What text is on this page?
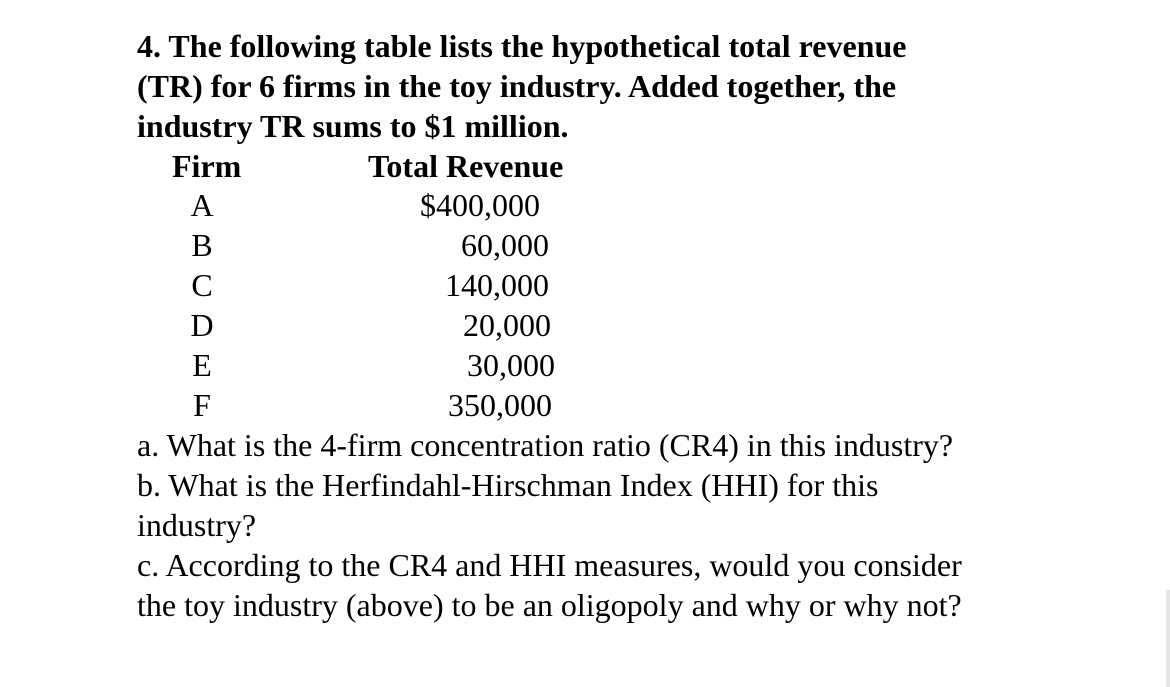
4. The following table lists the hypothetical total revenue
(TR) for 6 firms in the toy industry. Added together, the
industry TR sums to $1 million.
Firm	Total Revenue
A	$400,000
B	60,000
C	140,000
D	20,000
E	30,000
F	350,000
a. What is the 4-firm concentration ratio (CR4) in this industry?
b. What is the Herfindahl-Hirschman Index (HHI) for this
industry?
c. According to the CR4 and HHI measures, would you consider
the toy industry (above) to be an oligopoly and why or why not?
